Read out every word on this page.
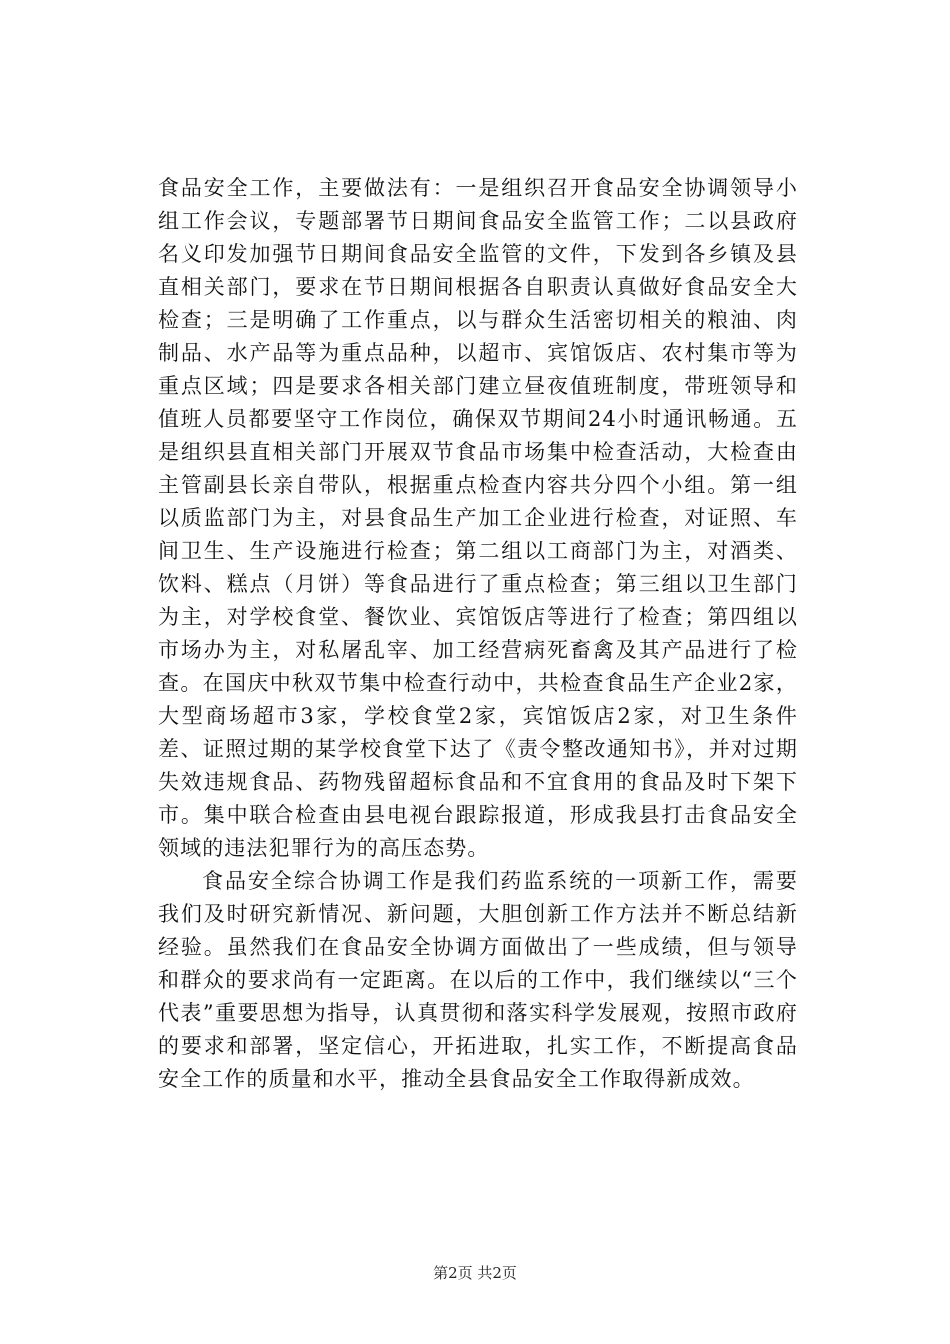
食品安全工作，主要做法有：一是组织召开食品安全协调领导小组工作会议，专题部署节日期间食品安全监管工作；二以县政府名义印发加强节日期间食品安全监管的文件，下发到各乡镇及县直相关部门，要求在节日期间根据各自职责认真做好食品安全大检查；三是明确了工作重点，以与群众生活密切相关的粮油、肉制品、水产品等为重点品种，以超市、宾馆饭店、农村集市等为重点区域；四是要求各相关部门建立昼夜值班制度，带班领导和值班人员都要坚守工作岗位，确保双节期间24小时通讯畅通。五是组织县直相关部门开展双节食品市场集中检查活动，大检查由主管副县长亲自带队，根据重点检查内容共分四个小组。第一组以质监部门为主，对县食品生产加工企业进行检查，对证照、车间卫生、生产设施进行检查；第二组以工商部门为主，对酒类、饮料、糕点（月饼）等食品进行了重点检查；第三组以卫生部门为主，对学校食堂、餐饮业、宾馆饭店等进行了检查；第四组以市场办为主，对私屠乱宰、加工经营病死畜禽及其产品进行了检查。在国庆中秋双节集中检查行动中，共检查食品生产企业2家，大型商场超市3家，学校食堂2家，宾馆饭店2家，对卫生条件差、证照过期的某学校食堂下达了《责令整改通知书》，并对过期失效违规食品、药物残留超标食品和不宜食用的食品及时下架下市。集中联合检查由县电视台跟踪报道，形成我县打击食品安全领域的违法犯罪行为的高压态势。

食品安全综合协调工作是我们药监系统的一项新工作，需要我们及时研究新情况、新问题，大胆创新工作方法并不断总结新经验。虽然我们在食品安全协调方面做出了一些成绩，但与领导和群众的要求尚有一定距离。在以后的工作中，我们继续以“三个代表”重要思想为指导，认真贯彻和落实科学发展观，按照市政府的要求和部署，坚定信心，开拓进取，扎实工作，不断提高食品安全工作的质量和水平，推动全县食品安全工作取得新成效。

第2页 共2页
